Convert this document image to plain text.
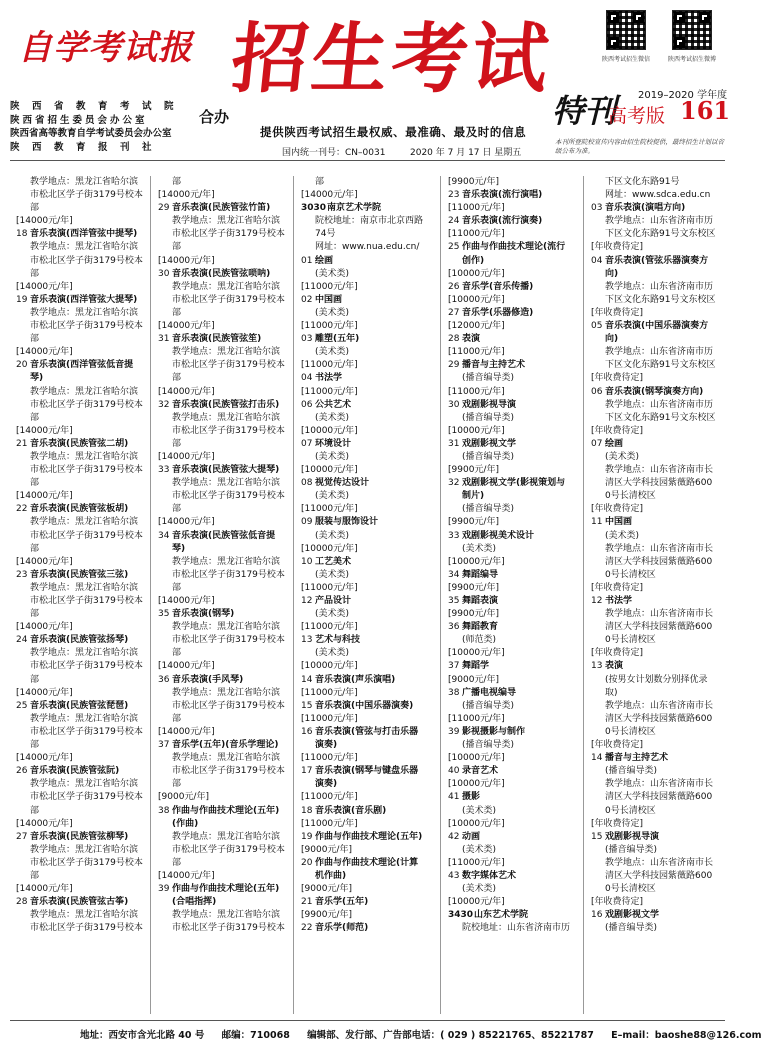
自学考试报 招生考试	陕西考试招生微信	陕西考试招生微博
特刊 2019–2020 学年度
高考版 161
陕西省教育考试院
陕西省招生委员会办公室
陕西省高等教育自学考试委员会办公室
陕西教育报刊社
合办
提供陕西考试招生最权威、最准确、最及时的信息
国内统一刊号：CN–0031	2020 年 7 月 17 日 星期五
本刊所登院校宣传内容由招生院校提供，最终招生计划以省级公布为准。
教学地点：黑龙江省哈尔滨
市松北区学子街3179号校本
部
[14000元/年]
18 音乐表演(西洋管弦中提琴)
教学地点：黑龙江省哈尔滨
市松北区学子街3179号校本
部
[14000元/年]
19 音乐表演(西洋管弦大提琴)
教学地点：黑龙江省哈尔滨
市松北区学子街3179号校本
部
[14000元/年]
20 音乐表演(西洋管弦低音提
琴)
教学地点：黑龙江省哈尔滨
市松北区学子街3179号校本
部
[14000元/年]
21 音乐表演(民族管弦二胡)
教学地点：黑龙江省哈尔滨
市松北区学子街3179号校本
部
[14000元/年]
22 音乐表演(民族管弦板胡)
教学地点：黑龙江省哈尔滨
市松北区学子街3179号校本
部
[14000元/年]
23 音乐表演(民族管弦三弦)
教学地点：黑龙江省哈尔滨
市松北区学子街3179号校本
部
[14000元/年]
24 音乐表演(民族管弦扬琴)
教学地点：黑龙江省哈尔滨
市松北区学子街3179号校本
部
[14000元/年]
25 音乐表演(民族管弦琵琶)
教学地点：黑龙江省哈尔滨
市松北区学子街3179号校本
部
[14000元/年]
26 音乐表演(民族管弦阮)
教学地点：黑龙江省哈尔滨
市松北区学子街3179号校本
部
[14000元/年]
27 音乐表演(民族管弦柳琴)
教学地点：黑龙江省哈尔滨
市松北区学子街3179号校本
部
[14000元/年]
28 音乐表演(民族管弦古筝)
教学地点：黑龙江省哈尔滨
市松北区学子街3179号校本
部
[14000元/年]
29 音乐表演(民族管弦竹笛)
教学地点：黑龙江省哈尔滨
市松北区学子街3179号校本
部
[14000元/年]
30 音乐表演(民族管弦唢呐)
教学地点：黑龙江省哈尔滨
市松北区学子街3179号校本
部
[14000元/年]
31 音乐表演(民族管弦笙)
教学地点：黑龙江省哈尔滨
市松北区学子街3179号校本
部
[14000元/年]
32 音乐表演(民族管弦打击乐)
教学地点：黑龙江省哈尔滨
市松北区学子街3179号校本
部
[14000元/年]
33 音乐表演(民族管弦大提琴)
教学地点：黑龙江省哈尔滨
市松北区学子街3179号校本
部
[14000元/年]
34 音乐表演(民族管弦低音提
琴)
教学地点：黑龙江省哈尔滨
市松北区学子街3179号校本
部
[14000元/年]
35 音乐表演(钢琴)
教学地点：黑龙江省哈尔滨
市松北区学子街3179号校本
部
[14000元/年]
36 音乐表演(手风琴)
教学地点：黑龙江省哈尔滨
市松北区学子街3179号校本
部
[14000元/年]
37 音乐学(五年)(音乐学理论)
教学地点：黑龙江省哈尔滨
市松北区学子街3179号校本
部
[9000元/年]
38 作曲与作曲技术理论(五年)
(作曲)
教学地点：黑龙江省哈尔滨
市松北区学子街3179号校本
部
[14000元/年]
39 作曲与作曲技术理论(五年)
(合唱指挥)
教学地点：黑龙江省哈尔滨
市松北区学子街3179号校本
部
[14000元/年]
3030南京艺术学院
院校地址：南京市北京西路
74号
网址：www.nua.edu.cn/
01 绘画
(美术类)
[11000元/年]
02 中国画
(美术类)
[11000元/年]
03 雕塑(五年)
(美术类)
[11000元/年]
04 书法学
[11000元/年]
06 公共艺术
(美术类)
[10000元/年]
07 环境设计
(美术类)
[10000元/年]
08 视觉传达设计
(美术类)
[11000元/年]
09 服装与服饰设计
(美术类)
[10000元/年]
10 工艺美术
(美术类)
[11000元/年]
12 产品设计
(美术类)
[11000元/年]
13 艺术与科技
(美术类)
[10000元/年]
14 音乐表演(声乐演唱)
[11000元/年]
15 音乐表演(中国乐器演奏)
[11000元/年]
16 音乐表演(管弦与打击乐器
演奏)
[11000元/年]
17 音乐表演(钢琴与键盘乐器
演奏)
[11000元/年]
18 音乐表演(音乐剧)
[11000元/年]
19 作曲与作曲技术理论(五年)
[9000元/年]
20 作曲与作曲技术理论(计算
机作曲)
[9000元/年]
21 音乐学(五年)
[9900元/年]
22 音乐学(师范)
[9900元/年]
23 音乐表演(流行演唱)
[11000元/年]
24 音乐表演(流行演奏)
[11000元/年]
25 作曲与作曲技术理论(流行
创作)
[10000元/年]
26 音乐学(音乐传播)
[10000元/年]
27 音乐学(乐器修造)
[12000元/年]
28 表演
[11000元/年]
29 播音与主持艺术
(播音编导类)
[11000元/年]
30 戏剧影视导演
(播音编导类)
[10000元/年]
31 戏剧影视文学
(播音编导类)
[9900元/年]
32 戏剧影视文学(影视策划与
制片)
(播音编导类)
[9900元/年]
33 戏剧影视美术设计
(美术类)
[10000元/年]
34 舞蹈编导
[9900元/年]
35 舞蹈表演
[9900元/年]
36 舞蹈教育
(师范类)
[10000元/年]
37 舞蹈学
[9000元/年]
38 广播电视编导
(播音编导类)
[11000元/年]
39 影视摄影与制作
(播音编导类)
[10000元/年]
40 录音艺术
[10000元/年]
41 摄影
(美术类)
[10000元/年]
42 动画
(美术类)
[11000元/年]
43 数字媒体艺术
(美术类)
[10000元/年]
3430山东艺术学院
院校地址：山东省济南市历
下区文化东路91号
网址：www.sdca.edu.cn
03 音乐表演(演唱方向)
教学地点：山东省济南市历
下区文化东路91号文东校区
[年收费待定]
04 音乐表演(管弦乐器演奏方
向)
教学地点：山东省济南市历
下区文化东路91号文东校区
[年收费待定]
05 音乐表演(中国乐器演奏方
向)
教学地点：山东省济南市历
下区文化东路91号文东校区
[年收费待定]
06 音乐表演(钢琴演奏方向)
教学地点：山东省济南市历
下区文化东路91号文东校区
[年收费待定]
07 绘画
(美术类)
教学地点：山东省济南市长
清区大学科技园紫薇路600
0号长清校区
[年收费待定]
11 中国画
(美术类)
教学地点：山东省济南市长
清区大学科技园紫薇路600
0号长清校区
[年收费待定]
12 书法学
教学地点：山东省济南市长
清区大学科技园紫薇路600
0号长清校区
[年收费待定]
13 表演
(按男女计划数分别择优录
取)
教学地点：山东省济南市长
清区大学科技园紫薇路600
0号长清校区
[年收费待定]
14 播音与主持艺术
(播音编导类)
教学地点：山东省济南市长
清区大学科技园紫薇路600
0号长清校区
[年收费待定]
15 戏剧影视导演
(播音编导类)
教学地点：山东省济南市长
清区大学科技园紫薇路600
0号长清校区
[年收费待定]
16 戏剧影视文学
(播音编导类)
地址：西安市含光北路 40 号 邮编：710068 编辑部、发行部、广告部电话：( 029 ) 85221765、85221787 E–mail：baoshe88@126.com
